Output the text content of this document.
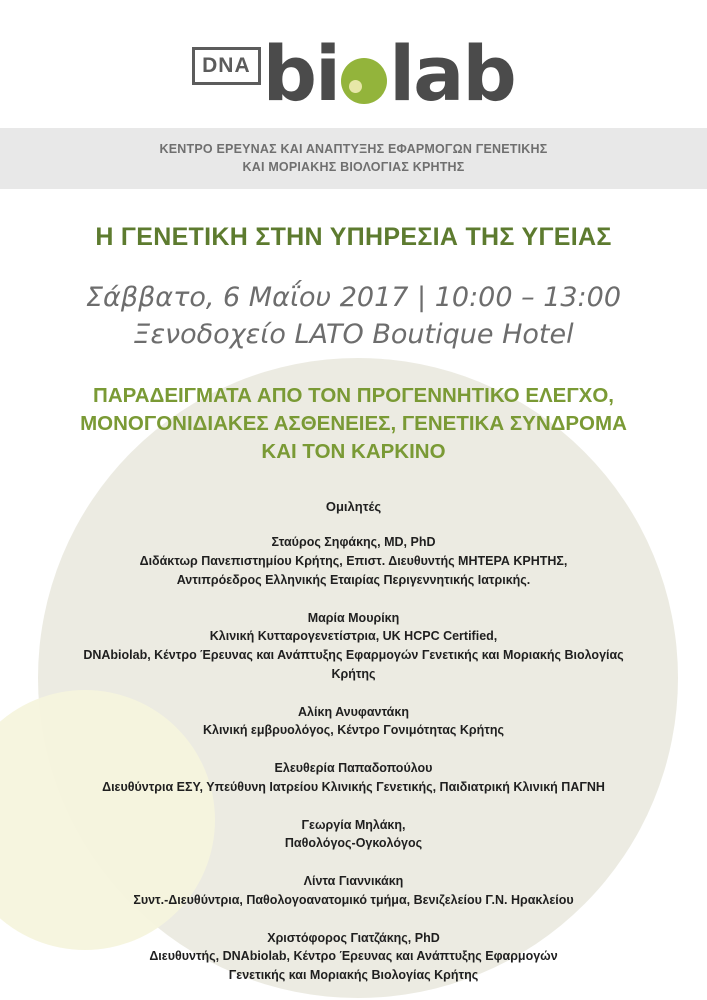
DNA bi lab
ΚΕΝΤΡΟ ΕΡΕΥΝΑΣ ΚΑΙ ΑΝΑΠΤΥΞΗΣ ΕΦΑΡΜΟΓΩΝ ΓΕΝΕΤΙΚΗΣ
ΚΑΙ ΜΟΡΙΑΚΗΣ ΒΙΟΛΟΓΙΑΣ ΚΡΗΤΗΣ
Η ΓΕΝΕΤΙΚΗ ΣΤΗΝ ΥΠΗΡΕΣΙΑ ΤΗΣ ΥΓΕΙΑΣ
Σάββατο, 6 Μαΐου 2017 | 10:00 – 13:00
Ξενοδοχείο LATO Boutique Hotel
ΠΑΡΑΔΕΙΓΜΑΤΑ ΑΠΟ ΤΟΝ ΠΡΟΓΕΝΝΗΤΙΚΟ ΕΛΕΓΧΟ,
ΜΟΝΟΓΟΝΙΔΙΑΚΕΣ ΑΣΘΕΝΕΙΕΣ, ΓΕΝΕΤΙΚΑ ΣΥΝΔΡΟΜΑ
ΚΑΙ ΤΟΝ ΚΑΡΚΙΝΟ
Ομιλητές
Σταύρος Σηφάκης, MD, PhD
Διδάκτωρ Πανεπιστημίου Κρήτης, Επιστ. Διευθυντής ΜΗΤΕΡΑ ΚΡΗΤΗΣ,
Αντιπρόεδρος Ελληνικής Εταιρίας Περιγεννητικής Ιατρικής.
Μαρία Μουρίκη
Κλινική Κυτταρογενετίστρια, UK HCPC Certified,
DNAbiolab, Κέντρο Έρευνας και Ανάπτυξης Εφαρμογών Γενετικής και Μοριακής Βιολογίας
Κρήτης
Αλίκη Ανυφαντάκη
Κλινική εμβρυολόγος, Κέντρο Γονιμότητας Κρήτης
Ελευθερία Παπαδοπούλου
Διευθύντρια ΕΣΥ, Υπεύθυνη Ιατρείου Κλινικής Γενετικής, Παιδιατρική Κλινική ΠΑΓΝΗ
Γεωργία Μηλάκη,
Παθολόγος-Ογκολόγος
Λίντα Γιαννικάκη
Συντ.-Διευθύντρια, Παθολογοανατομικό τμήμα, Βενιζελείου Γ.Ν. Ηρακλείου
Χριστόφορος Γιατζάκης, PhD
Διευθυντής, DNAbiolab, Κέντρο Έρευνας και Ανάπτυξης Εφαρμογών
Γενετικής και Μοριακής Βιολογίας Κρήτης
